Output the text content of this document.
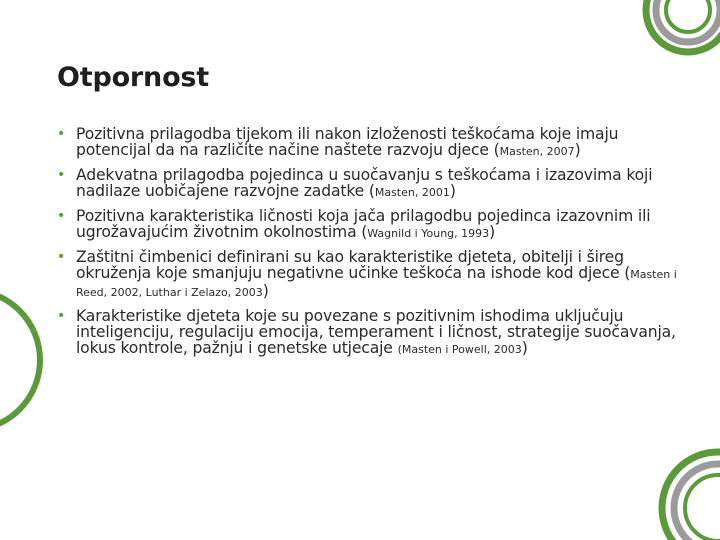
Otpornost
• Pozitivna prilagodba tijekom ili nakon izloženosti teškoćama koje imaju potencijal da na različite načine naštete razvoju djece (Masten, 2007)
• Adekvatna prilagodba pojedinca u suočavanju s teškoćama i izazovima koji nadilaze uobičajene razvojne zadatke (Masten, 2001)
• Pozitivna karakteristika ličnosti koja jača prilagodbu pojedinca izazovnim ili ugrožavajućim životnim okolnostima (Wagnild i Young, 1993)
• Zaštitni čimbenici definirani su kao karakteristike djeteta, obitelji i šireg okruženja koje smanjuju negativne učinke teškoća na ishode kod djece (Masten i Reed, 2002, Luthar i Zelazo, 2003)
• Karakteristike djeteta koje su povezane s pozitivnim ishodima uključuju inteligenciju, regulaciju emocija, temperament i ličnost, strategije suočavanja, lokus kontrole, pažnju i genetske utjecaje (Masten i Powell, 2003)
